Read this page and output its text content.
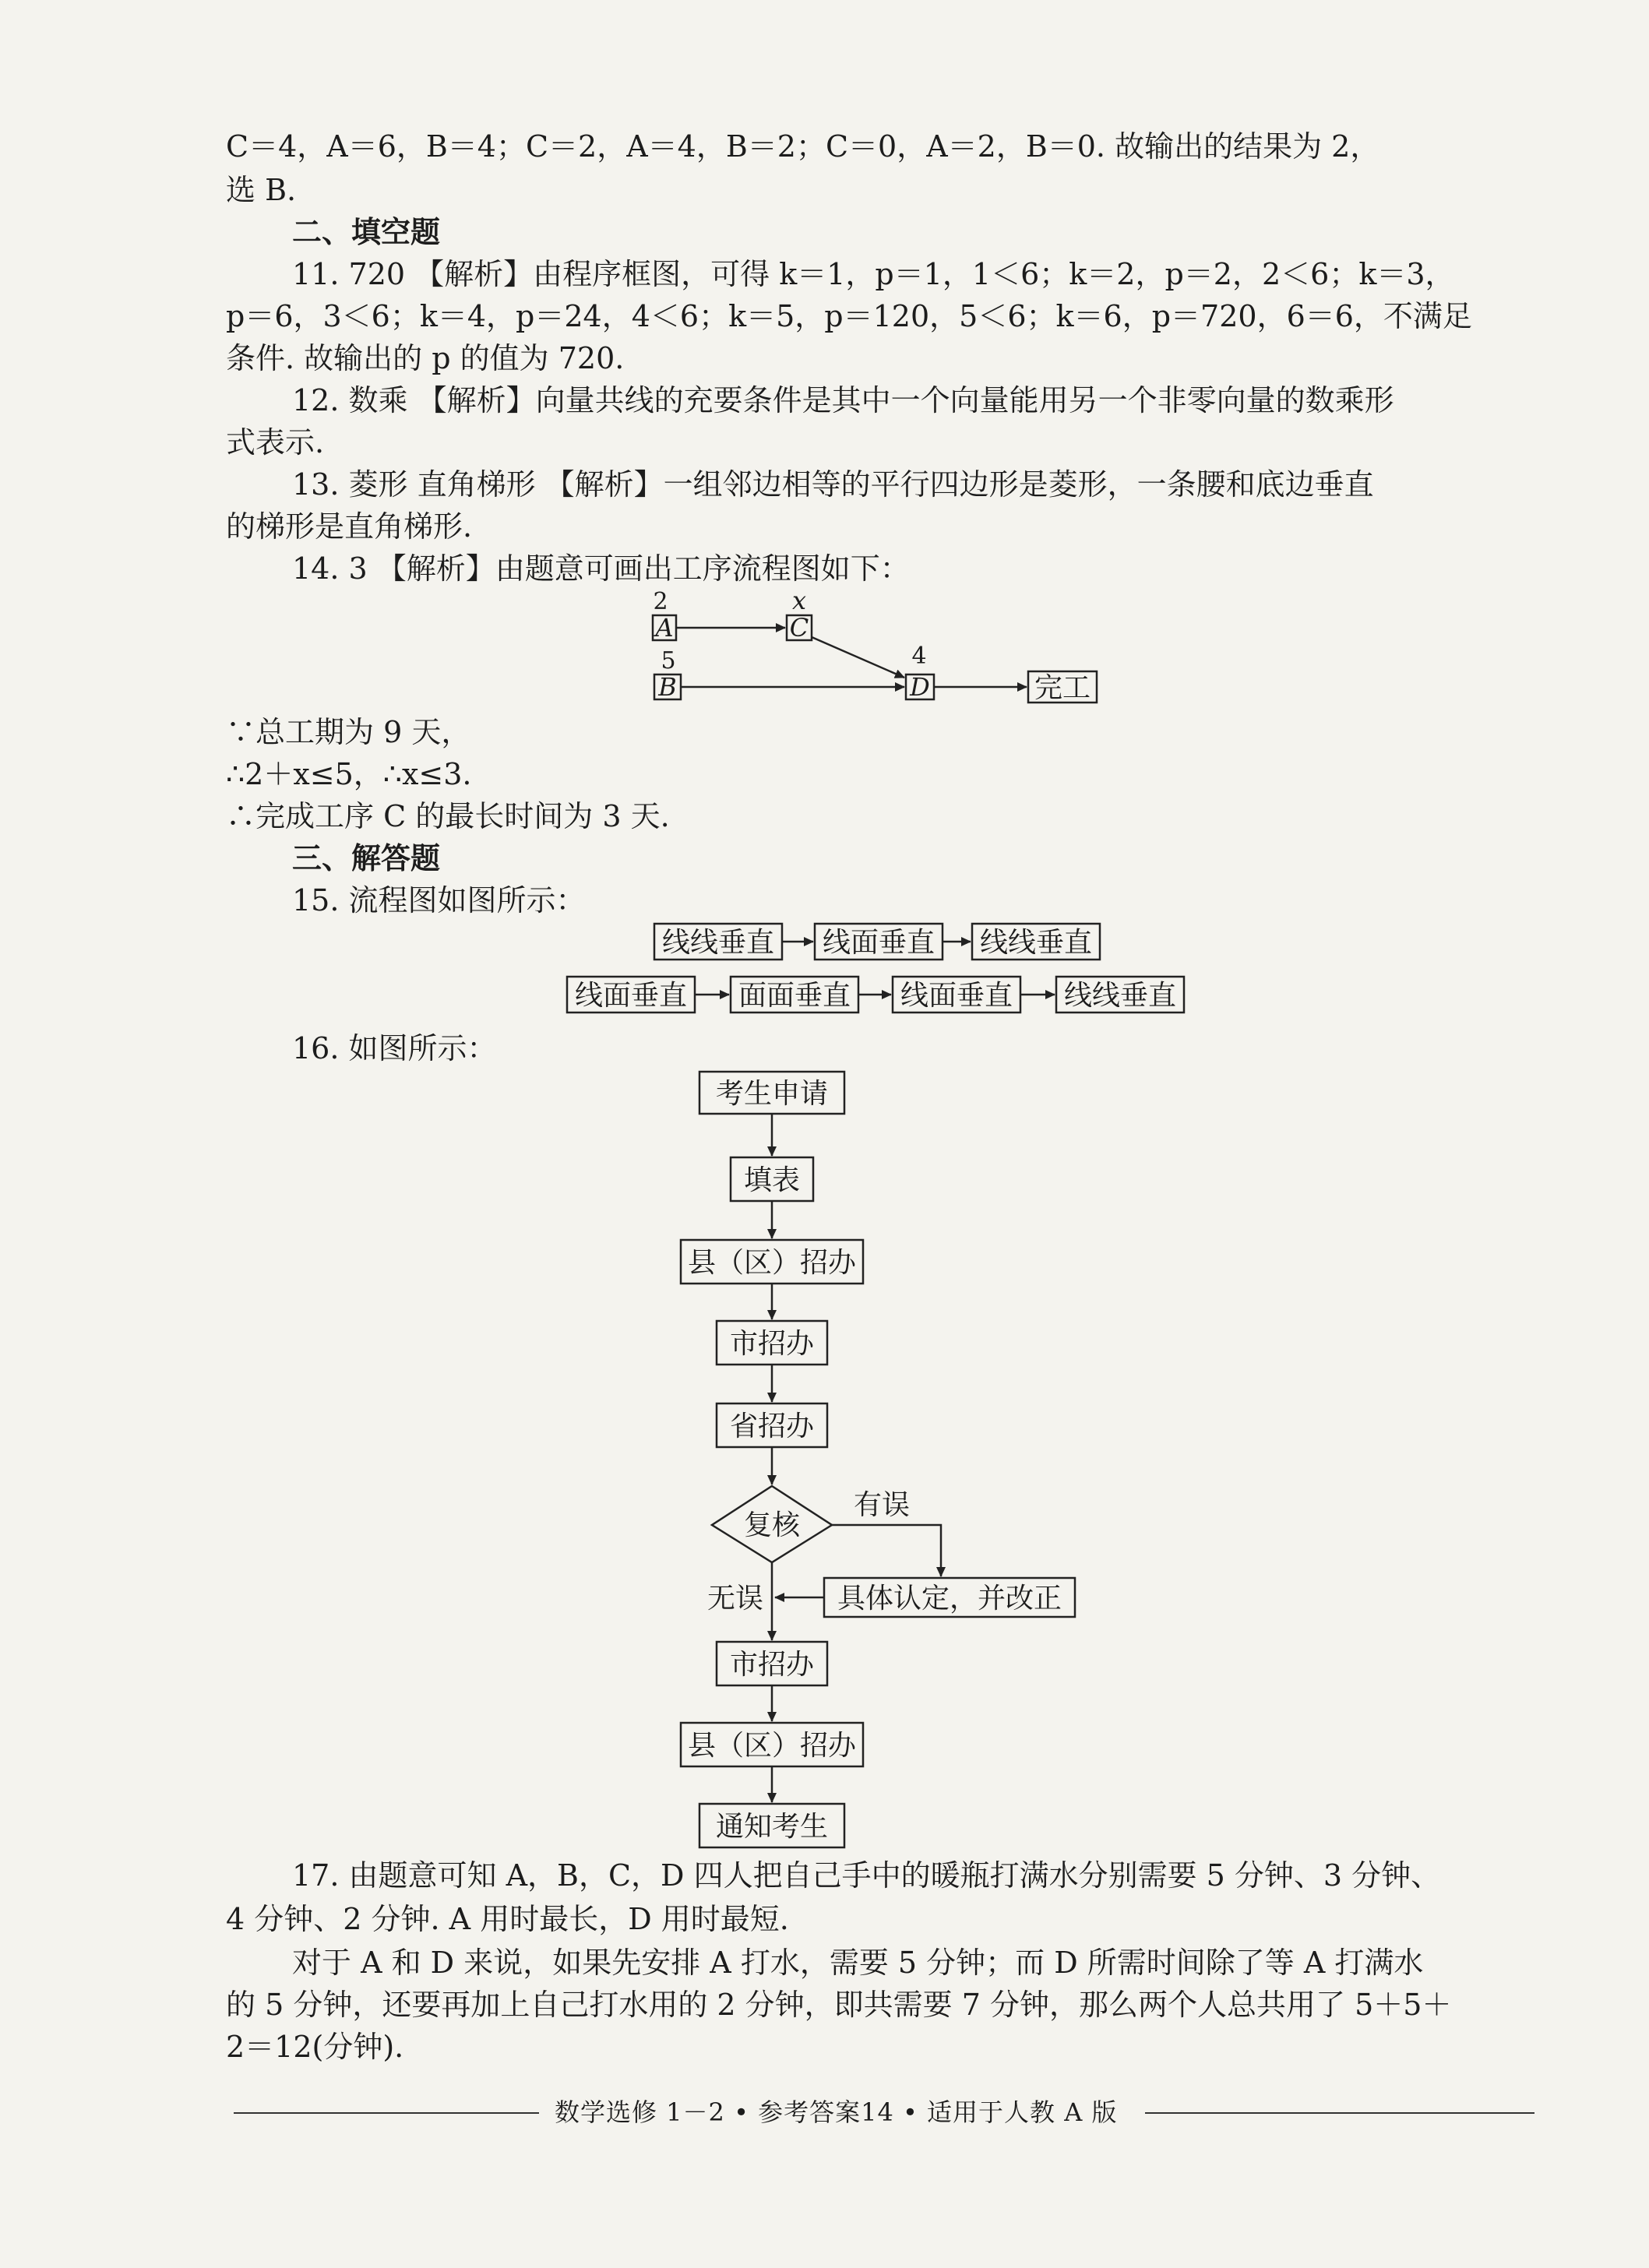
C＝4，A＝6，B＝4；C＝2，A＝4，B＝2；C＝0，A＝2，B＝0. 故输出的结果为 2，
选 B.
二、填空题
11. 720 【解析】由程序框图，可得 k＝1，p＝1，1＜6；k＝2，p＝2，2＜6；k＝3，
p＝6，3＜6；k＝4，p＝24，4＜6；k＝5，p＝120，5＜6；k＝6，p＝720，6＝6，不满足
条件. 故输出的 p 的值为 720.
12. 数乘 【解析】向量共线的充要条件是其中一个向量能用另一个非零向量的数乘形
式表示.
13. 菱形 直角梯形 【解析】一组邻边相等的平行四边形是菱形，一条腰和底边垂直
的梯形是直角梯形.
14. 3 【解析】由题意可画出工序流程图如下：
∵总工期为 9 天，
∴2＋x≤5，∴x≤3.
∴完成工序 C 的最长时间为 3 天.
三、解答题
15. 流程图如图所示：
16. 如图所示：
17. 由题意可知 A，B，C，D 四人把自己手中的暖瓶打满水分别需要 5 分钟、3 分钟、
4 分钟、2 分钟. A 用时最长，D 用时最短.
对于 A 和 D 来说，如果先安排 A 打水，需要 5 分钟；而 D 所需时间除了等 A 打满水
的 5 分钟，还要再加上自己打水用的 2 分钟，即共需要 7 分钟，那么两个人总共用了 5＋5＋
2＝12(分钟).
2
A
x
C
5
B
4
D	完工
线线垂直 线面垂直 线线垂直
线面垂直 面面垂直 线面垂直 线线垂直
考生申请
填表
县（区）招办
市招办
省招办
复核
有误
具体认定，并改正
无误
市招办
县（区）招办
通知考生
数学选修 1－2 • 参考答案14 • 适用于人教 A 版
